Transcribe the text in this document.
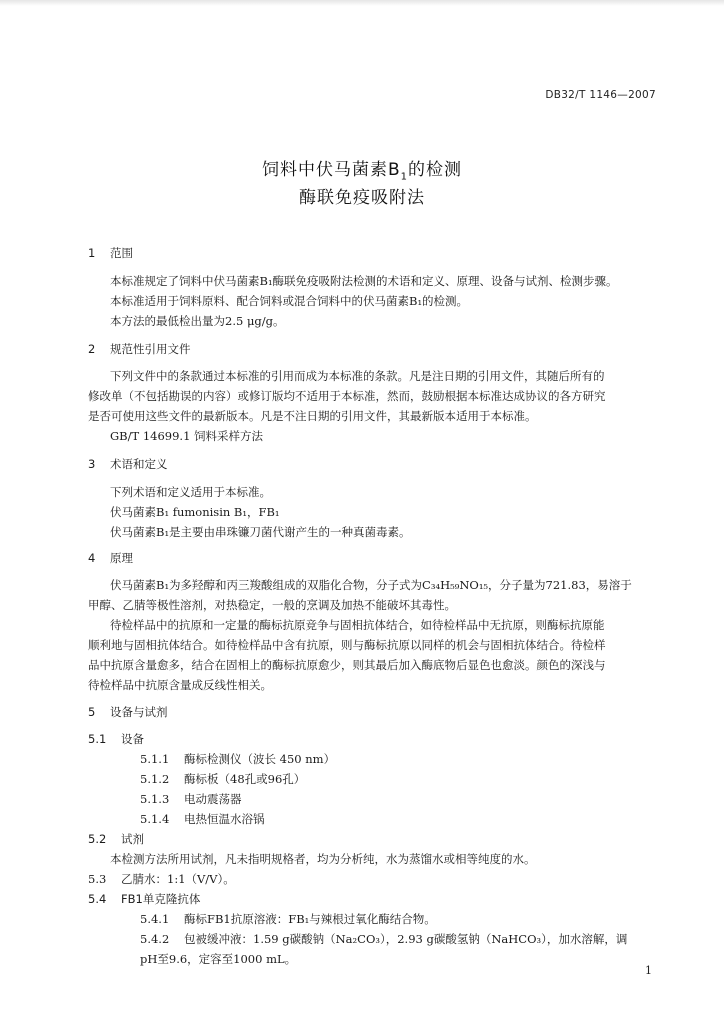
DB32/T 1146—2007
饲料中伏马菌素$B_1$的检测
酶联免疫吸附法
1 范围
本标准规定了饲料中伏马菌素B₁酶联免疫吸附法检测的术语和定义、原理、设备与试剂、检测步骤。
本标准适用于饲料原料、配合饲料或混合饲料中的伏马菌素B₁的检测。
本方法的最低检出量为2.5 μg/g。
2 规范性引用文件
下列文件中的条款通过本标准的引用而成为本标准的条款。凡是注日期的引用文件，其随后所有的
修改单（不包括勘误的内容）或修订版均不适用于本标准，然而，鼓励根据本标准达成协议的各方研究
是否可使用这些文件的最新版本。凡是不注日期的引用文件，其最新版本适用于本标准。
GB/T 14699.1 饲料采样方法
3 术语和定义
下列术语和定义适用于本标准。
伏马菌素B₁ fumonisin B₁，FB₁
伏马菌素B₁是主要由串珠镰刀菌代谢产生的一种真菌毒素。
4 原理
伏马菌素B₁为多羟醇和丙三羧酸组成的双脂化合物，分子式为C₃₄H₅₉NO₁₅，分子量为721.83，易溶于
甲醇、乙腈等极性溶剂，对热稳定，一般的烹调及加热不能破坏其毒性。
待检样品中的抗原和一定量的酶标抗原竞争与固相抗体结合，如待检样品中无抗原，则酶标抗原能
顺利地与固相抗体结合。如待检样品中含有抗原，则与酶标抗原以同样的机会与固相抗体结合。待检样
品中抗原含量愈多，结合在固相上的酶标抗原愈少，则其最后加入酶底物后显色也愈淡。颜色的深浅与
待检样品中抗原含量成反线性相关。
5 设备与试剂
5.1 设备
5.1.1 酶标检测仪（波长 450 nm）
5.1.2 酶标板（48孔或96孔）
5.1.3 电动震荡器
5.1.4 电热恒温水浴锅
5.2 试剂
本检测方法所用试剂，凡未指明规格者，均为分析纯，水为蒸馏水或相等纯度的水。
5.3 乙腈水：1:1（V/V）。
5.4 FB1单克隆抗体
5.4.1 酶标FB1抗原溶液：FB₁与辣根过氧化酶结合物。
5.4.2 包被缓冲液：1.59 g碳酸钠（Na₂CO₃），2.93 g碳酸氢钠（NaHCO₃），加水溶解，调
pH至9.6，定容至1000 mL。
1
